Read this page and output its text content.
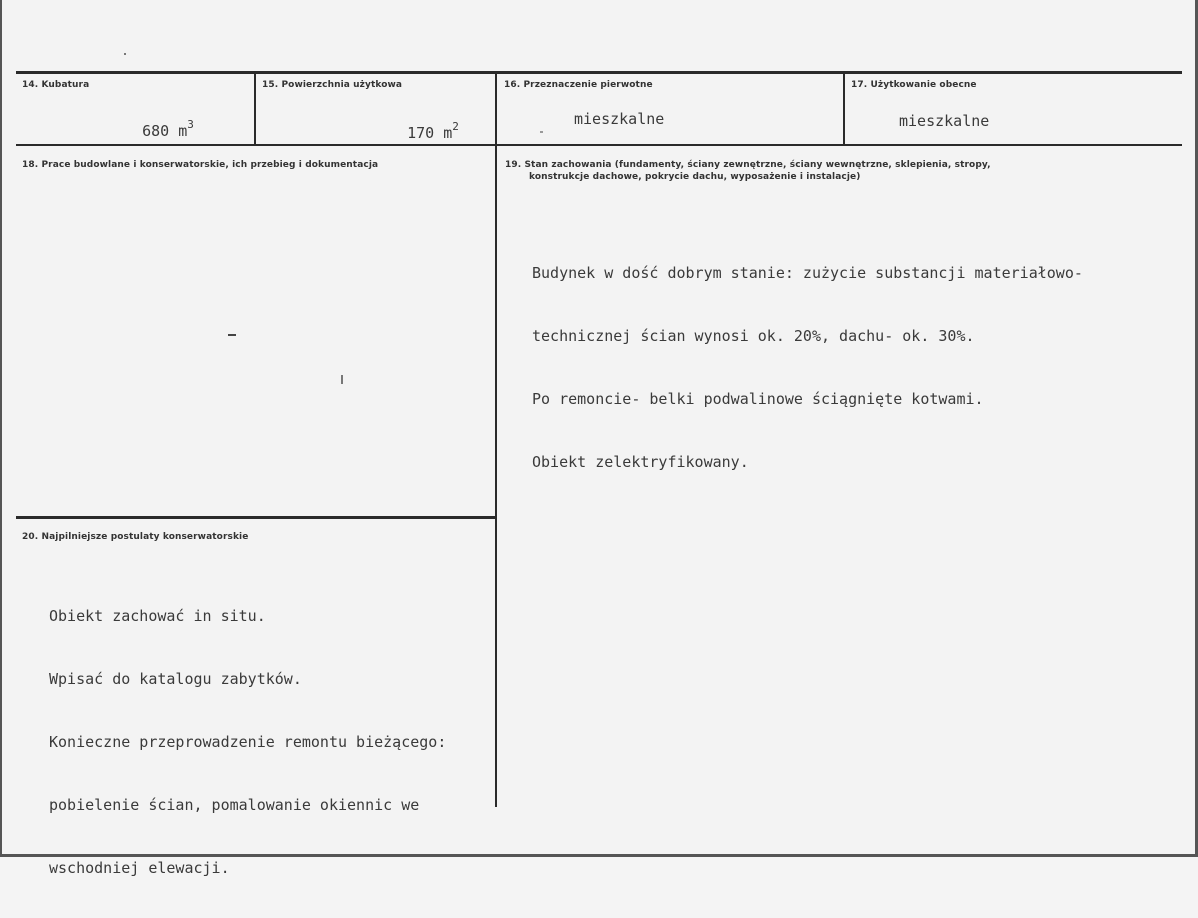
14. Kubatura

680 $m^3$

15. Powierzchnia użytkowa

170 $m^2$

16. Przeznaczenie pierwotne
mieszkalne
17. Użytkowanie obecne
mieszkalne
18. Prace budowlane i konserwatorskie, ich przebieg i dokumentacja	19. Stan zachowania (fundamenty, ściany zewnętrzne, ściany wewnętrzne, sklepienia, stropy,
konstrukcje dachowe, pokrycie dachu, wyposażenie i instalacje)

Budynek w dość dobrym stanie: zużycie substancji materiałowo-

technicznej ścian wynosi ok. 20%, dachu- ok. 30%.

Po remoncie- belki podwalinowe ściągnięte kotwami.

Obiekt zelektryfikowany.

20. Najpilniejsze postulaty konserwatorskie

Obiekt zachować in situ.

Wpisać do katalogu zabytków.

Konieczne przeprowadzenie remontu bieżącego:

pobielenie ścian, pomalowanie okiennic we

wschodniej elewacji.
